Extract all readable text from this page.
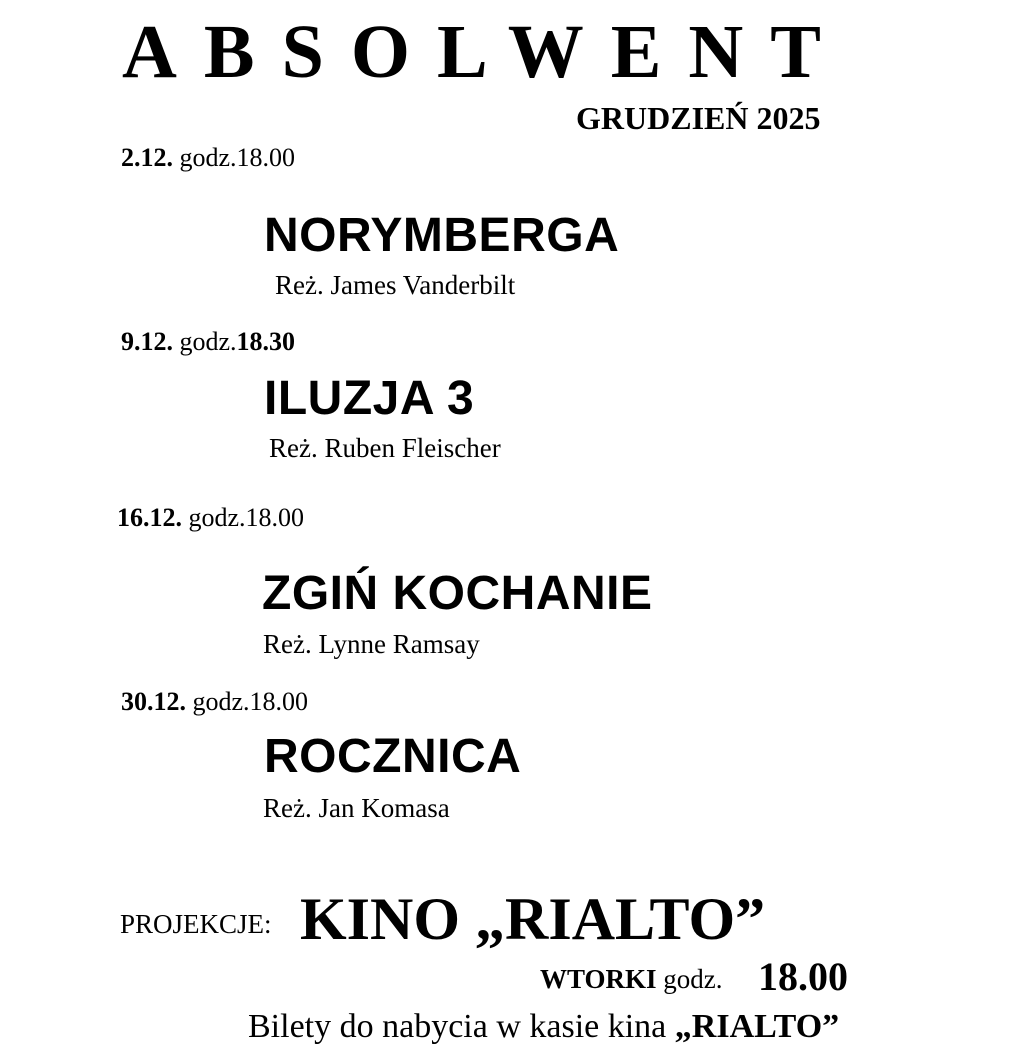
ABSOLWENT
GRUDZIEŃ 2025
2.12. godz.18.00
NORYMBERGA
Reż. James Vanderbilt
9.12. godz.18.30
ILUZJA 3
Reż. Ruben Fleischer
16.12. godz.18.00
ZGIŃ KOCHANIE
Reż. Lynne Ramsay
30.12. godz.18.00
ROCZNICA
Reż. Jan Komasa
PROJEKCJE: KINO „RIALTO”
WTORKI godz. 18.00
Bilety do nabycia w kasie kina „RIALTO”
